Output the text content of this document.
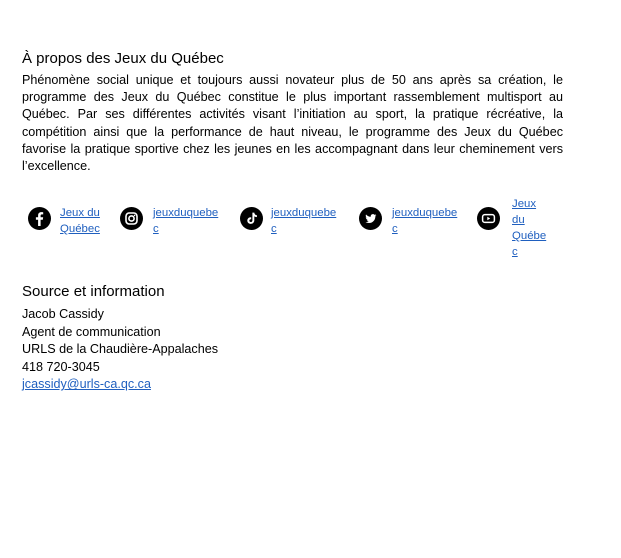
À propos des Jeux du Québec
Phénomène social unique et toujours aussi novateur plus de 50 ans après sa création, le programme des Jeux du Québec constitue le plus important rassemblement multisport au Québec. Par ses différentes activités visant l’initiation au sport, la pratique récréative, la compétition ainsi que la performance de haut niveau, le programme des Jeux du Québec favorise la pratique sportive chez les jeunes en les accompagnant dans leur cheminement vers l’excellence.
Jeux du
Québec
jeuxduquebe
c
jeuxduquebe
c
jeuxduquebe
c
Jeux du
Québe
c
Source et information
Jacob Cassidy
Agent de communication
URLS de la Chaudière-Appalaches
418 720-3045
jcassidy@urls-ca.qc.ca
